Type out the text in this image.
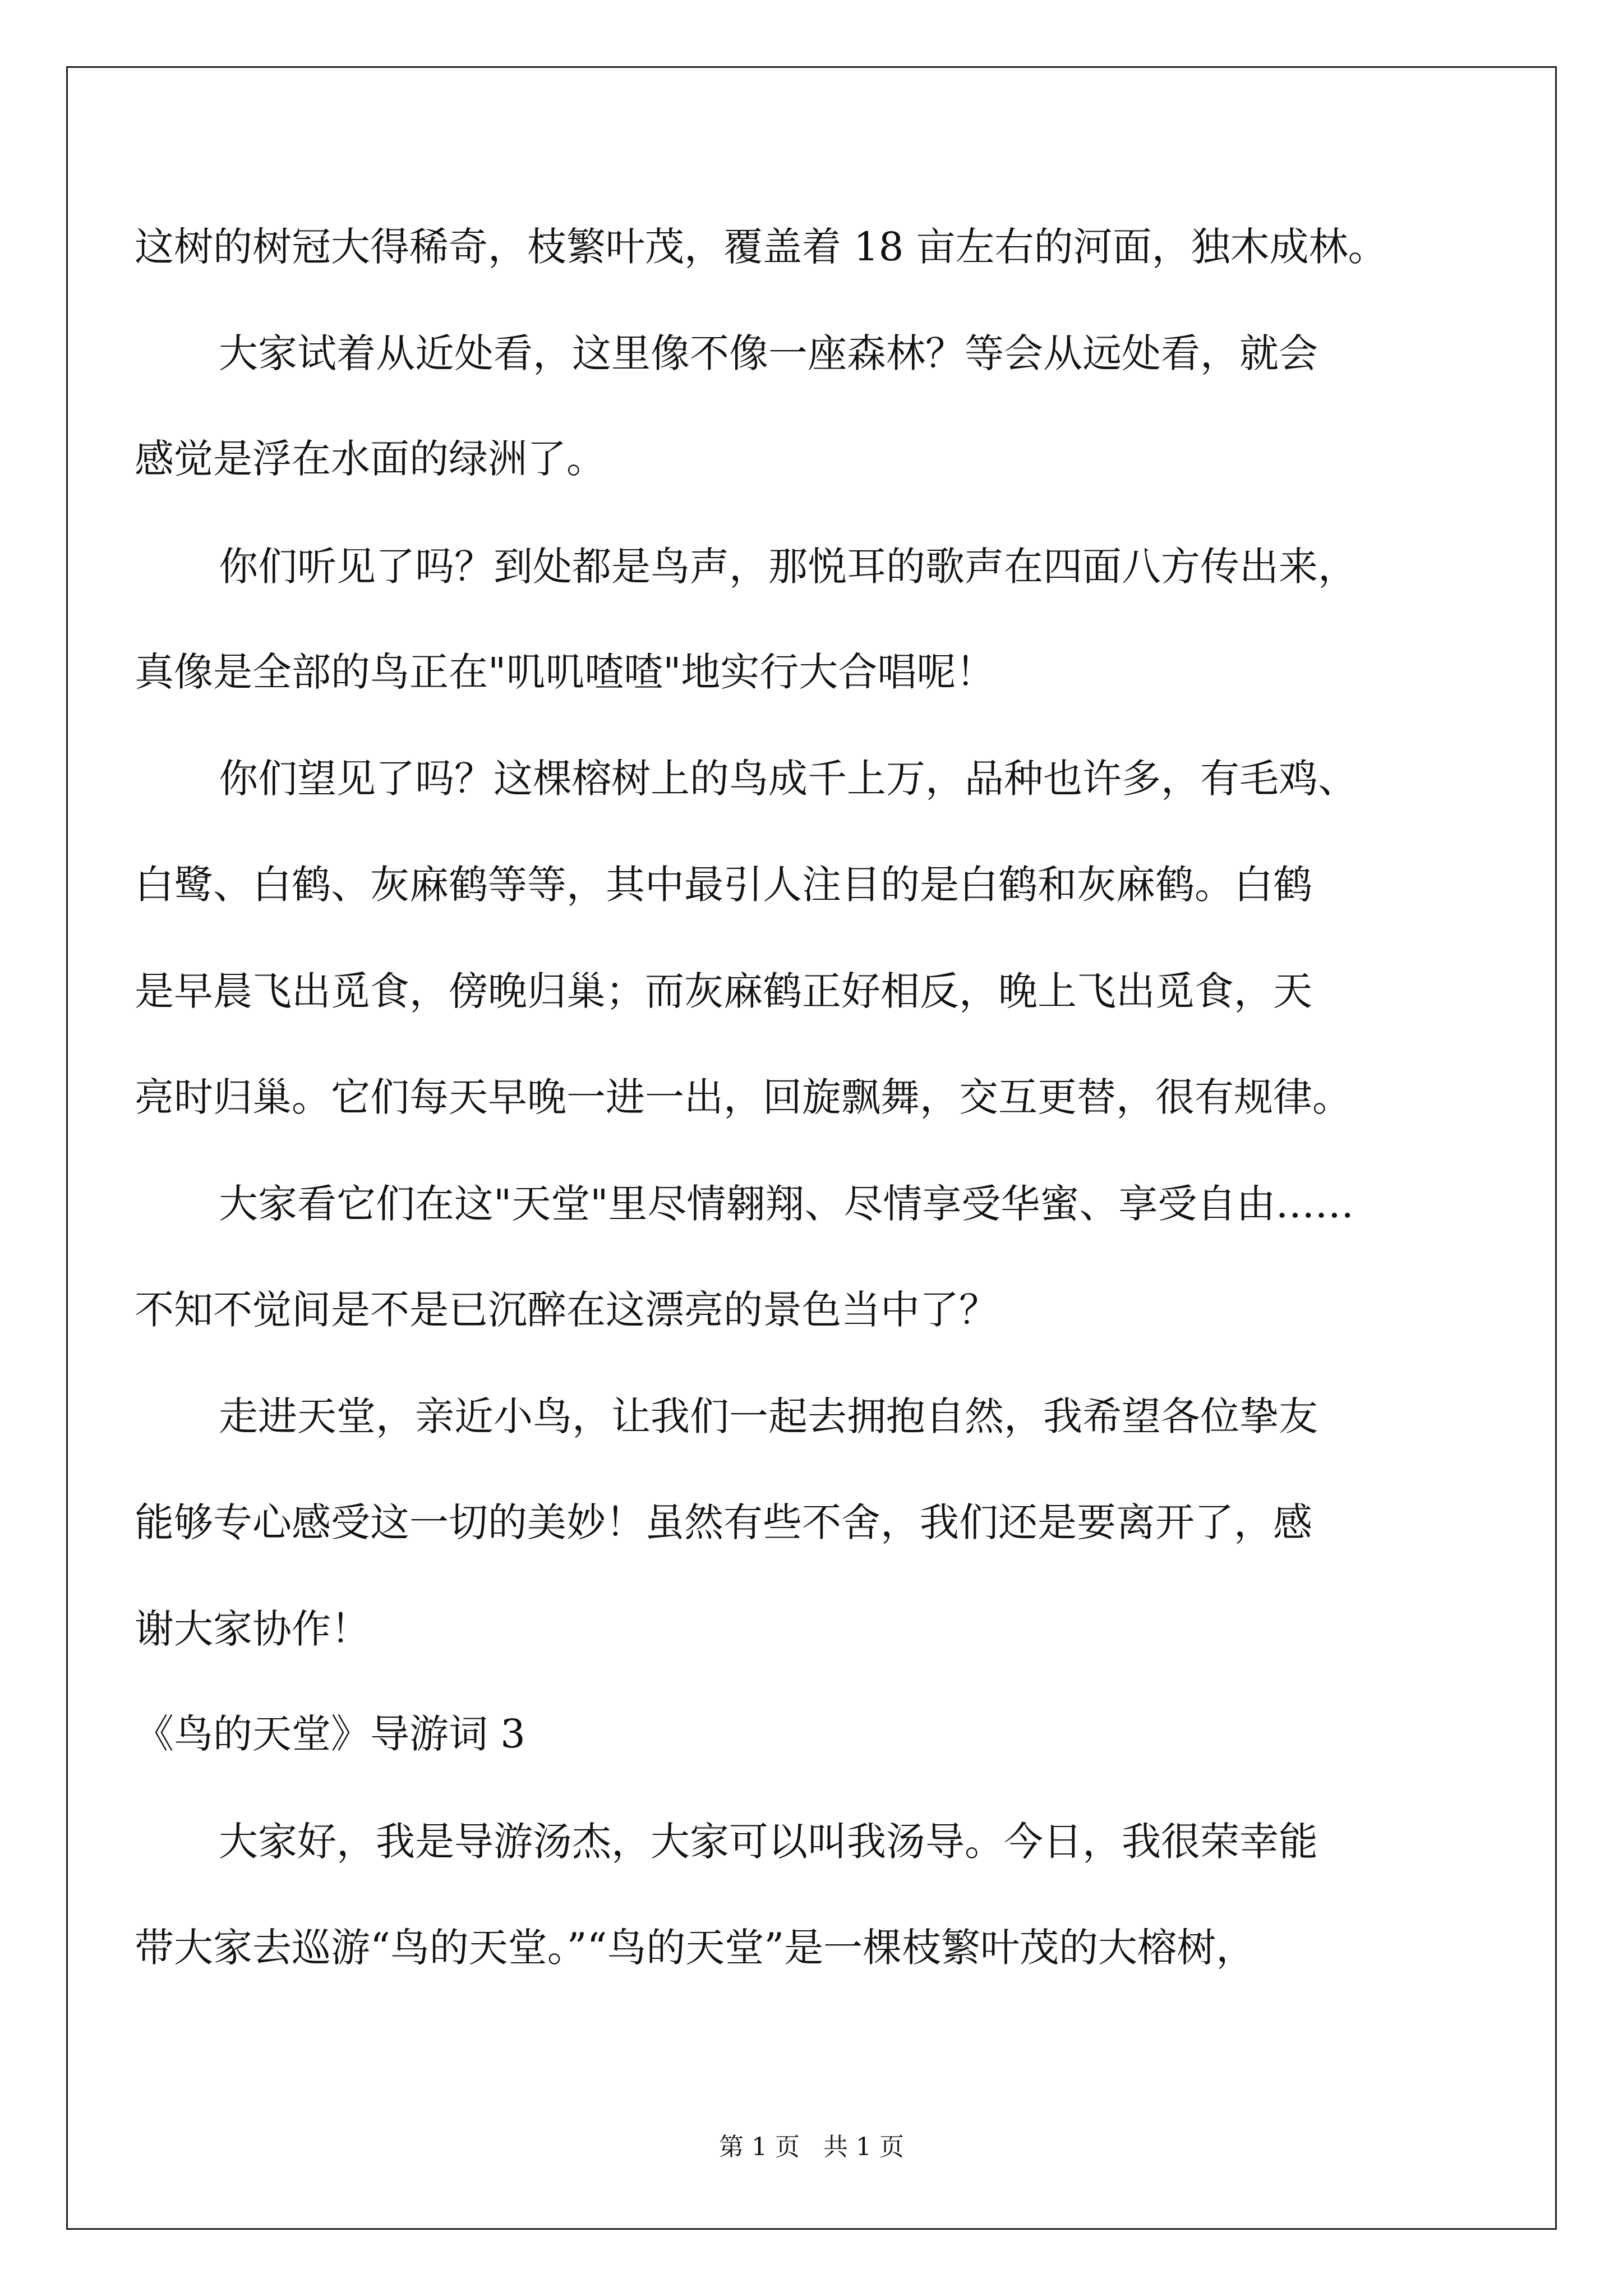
这树的树冠大得稀奇，枝繁叶茂，覆盖着 18 亩左右的河面，独木成林。
大家试着从近处看，这里像不像一座森林？等会从远处看，就会
感觉是浮在水面的绿洲了。
你们听见了吗？到处都是鸟声，那悦耳的歌声在四面八方传出来，
真像是全部的鸟正在"叽叽喳喳"地实行大合唱呢！
你们望见了吗？这棵榕树上的鸟成千上万，品种也许多，有毛鸡、
白鹭、白鹤、灰麻鹤等等，其中最引人注目的是白鹤和灰麻鹤。白鹤
是早晨飞出觅食，傍晚归巢；而灰麻鹤正好相反，晚上飞出觅食，天
亮时归巢。它们每天早晚一进一出，回旋飘舞，交互更替，很有规律。
大家看它们在这"天堂"里尽情翱翔、尽情享受华蜜、享受自由……
不知不觉间是不是已沉醉在这漂亮的景色当中了？
走进天堂，亲近小鸟，让我们一起去拥抱自然，我希望各位挚友
能够专心感受这一切的美妙！虽然有些不舍，我们还是要离开了，感
谢大家协作！
《鸟的天堂》导游词 3
大家好，我是导游汤杰，大家可以叫我汤导。今日，我很荣幸能
带大家去巡游“鸟的天堂。”“鸟的天堂”是一棵枝繁叶茂的大榕树，
第 1 页   共 1 页
